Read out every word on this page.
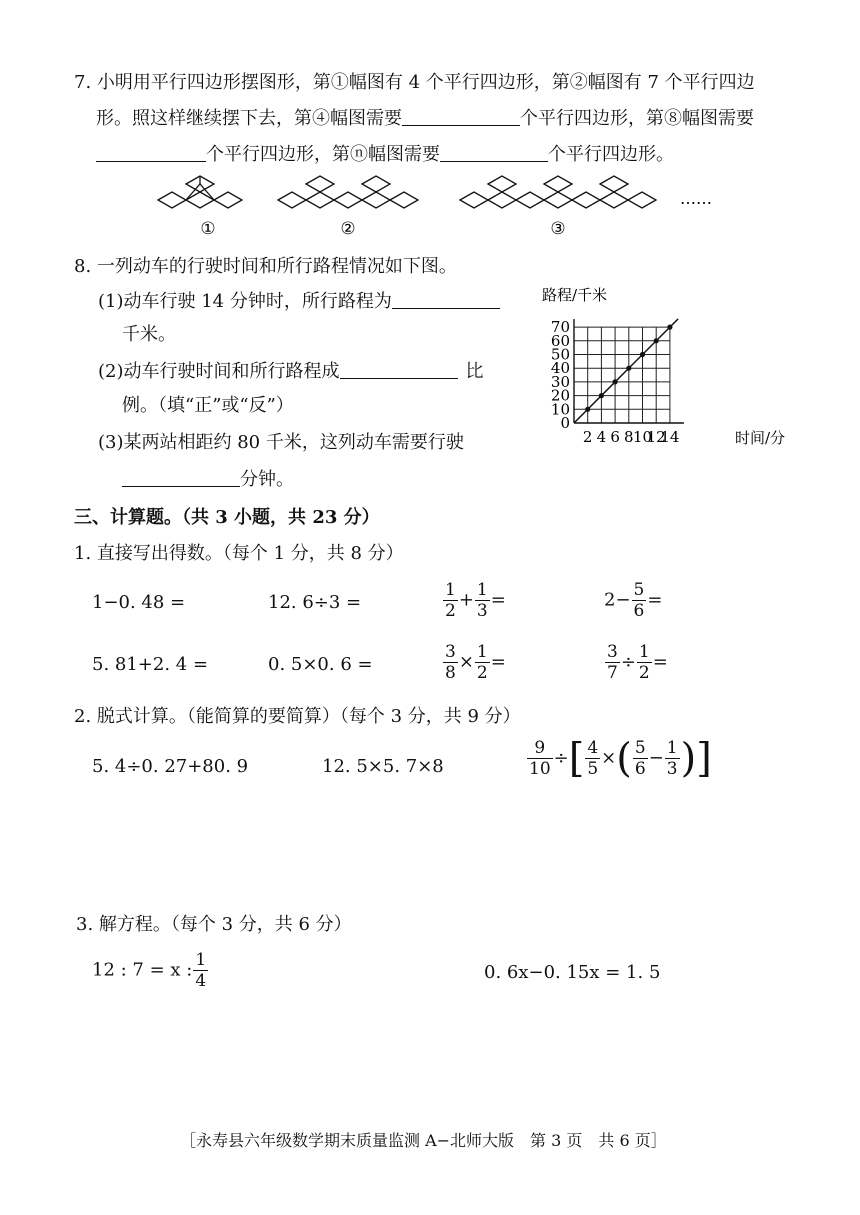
7. 小明用平行四边形摆图形，第①幅图有 4 个平行四边形，第②幅图有 7 个平行四边
形。照这样继续摆下去，第④幅图需要	个平行四边形，第⑧幅图需要
个平行四边形，第ⓝ幅图需要	个平行四边形。
①	②	③
……
8. 一列动车的行驶时间和所行路程情况如下图。
(1)动车行驶 14 分钟时，所行路程为
千米。
(2)动车行驶时间和所行路程成	比
例。（填“正”或“反”）
(3)某两站相距约 80 千米，这列动车需要行驶
分钟。
路程/千米
时间/分
2 4 6 8 10
12
14
0
10
20
30
40
50
60
70
三、计算题。（共 3 小题，共 23 分）
1. 直接写出得数。（每个 1 分，共 8 分）
1−0. 48 =	12. 6÷3 =	$\frac{1}{2} + \frac{1}{3}$ =	$2- \frac{5}{6}$ =
5. 81+2. 4 =	0. 5×0. 6 =	$\frac{3}{8} \times \frac{1}{2}$ =	$\frac{3}{7} \div \frac{1}{2}$ =
2. 脱式计算。（能简算的要简算）（每个 3 分，共 9 分）
5. 4÷0. 27+80. 9	12. 5×5. 7×8	$\frac{9}{10}$ ÷[ $\frac{4}{5}$ ×( $\frac{5}{6} - \frac{1}{3}$ )]
3. 解方程。（每个 3 分，共 6 分）
12 : 7 = x : $\frac{1}{4}$	0. 6x−0. 15x = 1. 5
［永寿县六年级数学期末质量监测 A−北师大版　第 3 页　共 6 页］
